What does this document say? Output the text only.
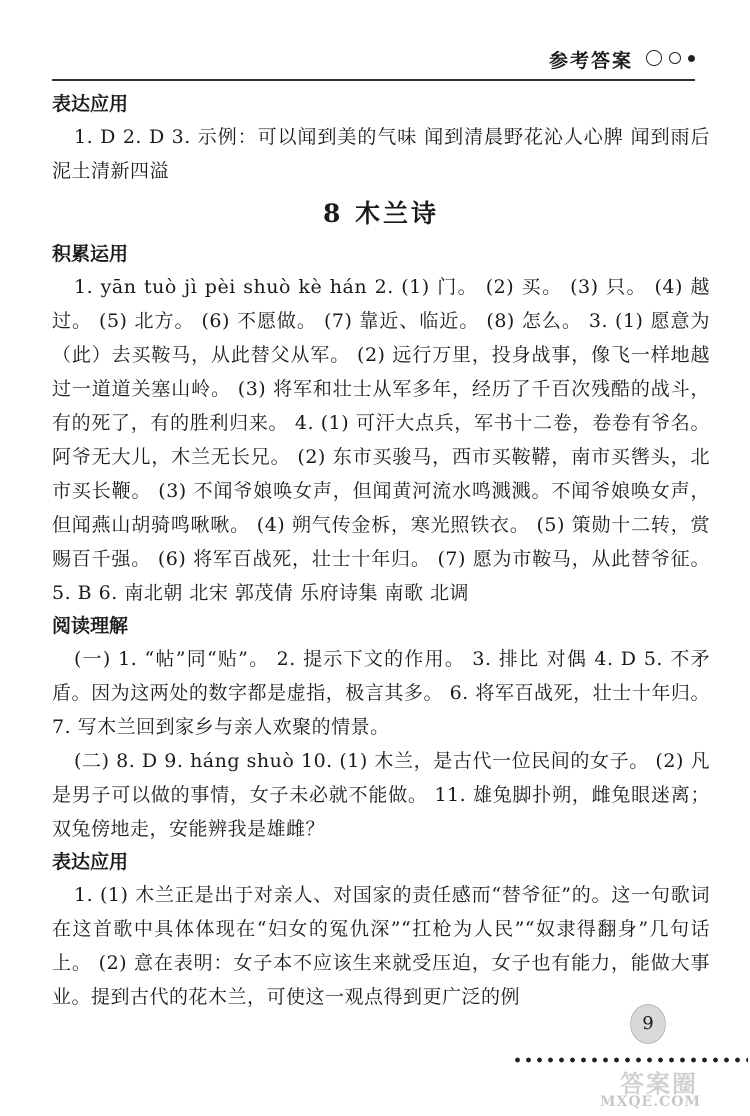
参考答案

表达应用

1. D 2. D 3. 示例：可以闻到美的气味 闻到清晨野花沁人心脾 闻到雨后泥土清新四溢

8 木兰诗

积累运用

1. yān tuò jì pèi shuò kè hán 2. (1) 门。 (2) 买。 (3) 只。 (4) 越过。 (5) 北方。 (6) 不愿做。 (7) 靠近、临近。 (8) 怎么。 3. (1) 愿意为（此）去买鞍马，从此替父从军。 (2) 远行万里，投身战事，像飞一样地越过一道道关塞山岭。 (3) 将军和壮士从军多年，经历了千百次残酷的战斗，有的死了，有的胜利归来。 4. (1) 可汗大点兵，军书十二卷，卷卷有爷名。阿爷无大儿，木兰无长兄。 (2) 东市买骏马，西市买鞍鞯，南市买辔头，北市买长鞭。 (3) 不闻爷娘唤女声，但闻黄河流水鸣溅溅。不闻爷娘唤女声，但闻燕山胡骑鸣啾啾。 (4) 朔气传金柝，寒光照铁衣。 (5) 策勋十二转，赏赐百千强。 (6) 将军百战死，壮士十年归。 (7) 愿为市鞍马，从此替爷征。 5. B 6. 南北朝 北宋 郭茂倩 乐府诗集 南歌 北调

阅读理解

(一) 1. “帖”同“贴”。 2. 提示下文的作用。 3. 排比 对偶 4. D 5. 不矛盾。因为这两处的数字都是虚指，极言其多。 6. 将军百战死，壮士十年归。 7. 写木兰回到家乡与亲人欢聚的情景。

(二) 8. D 9. háng shuò 10. (1) 木兰，是古代一位民间的女子。 (2) 凡是男子可以做的事情，女子未必就不能做。 11. 雄兔脚扑朔，雌兔眼迷离；双兔傍地走，安能辨我是雄雌？

表达应用

1. (1) 木兰正是出于对亲人、对国家的责任感而“替爷征”的。这一句歌词在这首歌中具体体现在“妇女的冤仇深”“扛枪为人民”“奴隶得翻身”几句话上。 (2) 意在表明：女子本不应该生来就受压迫，女子也有能力，能做大事业。提到古代的花木兰，可使这一观点得到更广泛的例

9
答案圈
MXQE.COM
